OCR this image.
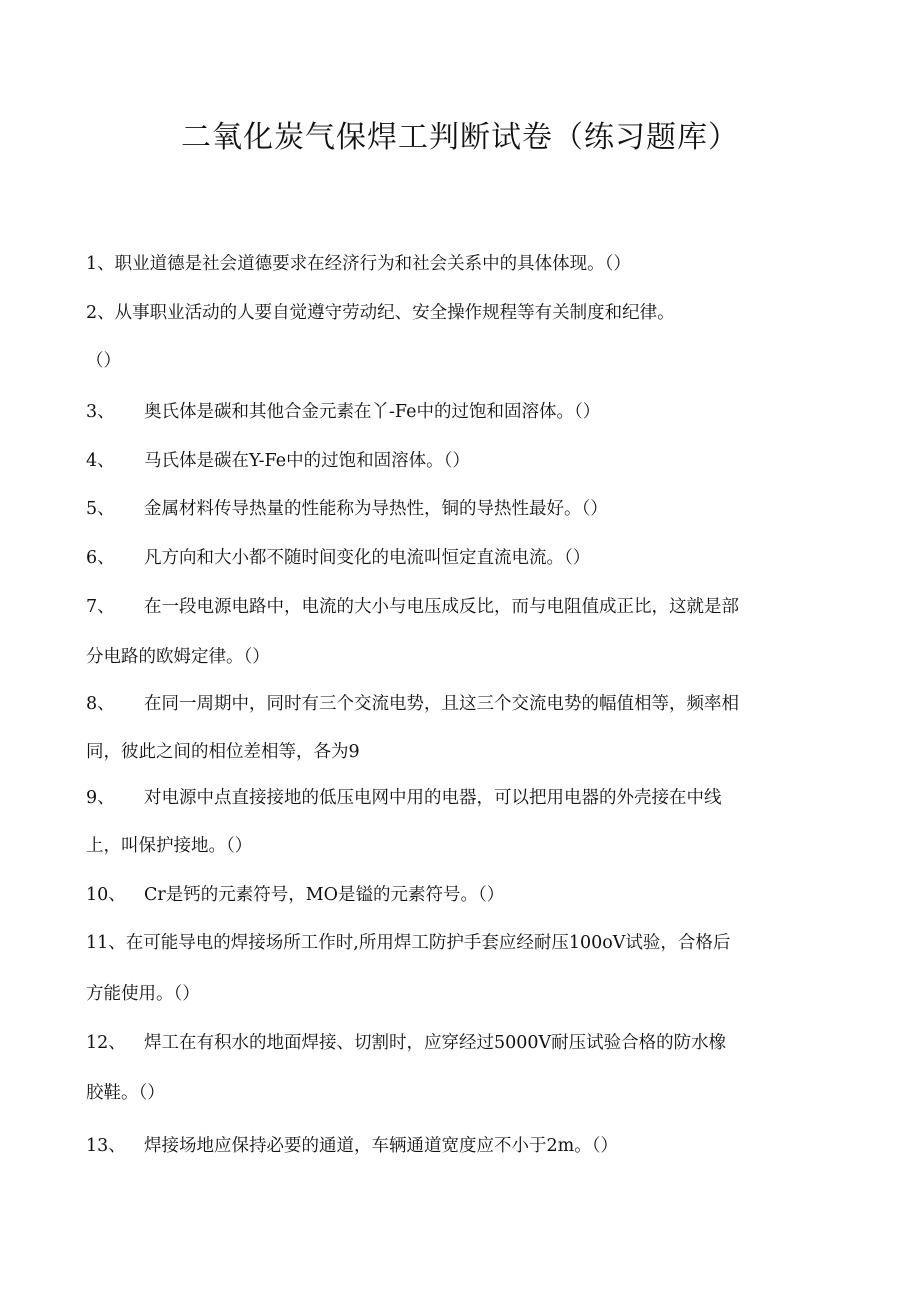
二氧化炭气保焊工判断试卷（练习题库）
1、职业道德是社会道德要求在经济行为和社会关系中的具体体现。（）
2、从事职业活动的人要自觉遵守劳动纪、安全操作规程等有关制度和纪律。
（）
3、 奥氏体是碳和其他合金元素在丫-Fe中的过饱和固溶体。（）
4、 马氏体是碳在Y-Fe中的过饱和固溶体。（）
5、 金属材料传导热量的性能称为导热性，铜的导热性最好。（）
6、 凡方向和大小都不随时间变化的电流叫恒定直流电流。（）
7、 在一段电源电路中，电流的大小与电压成反比，而与电阻值成正比，这就是部
分电路的欧姆定律。（）
8、 在同一周期中，同时有三个交流电势，且这三个交流电势的幅值相等，频率相
同，彼此之间的相位差相等，各为9
9、 对电源中点直接接地的低压电网中用的电器，可以把用电器的外壳接在中线
上，叫保护接地。（）
10、 Cr是钙的元素符号，MO是镒的元素符号。（）
11、在可能导电的焊接场所工作时,所用焊工防护手套应经耐压100oV试验，合格后
方能使用。（）
12、 焊工在有积水的地面焊接、切割时，应穿经过5000V耐压试验合格的防水橡
胶鞋。（）
13、 焊接场地应保持必要的通道，车辆通道宽度应不小于2m。（）
